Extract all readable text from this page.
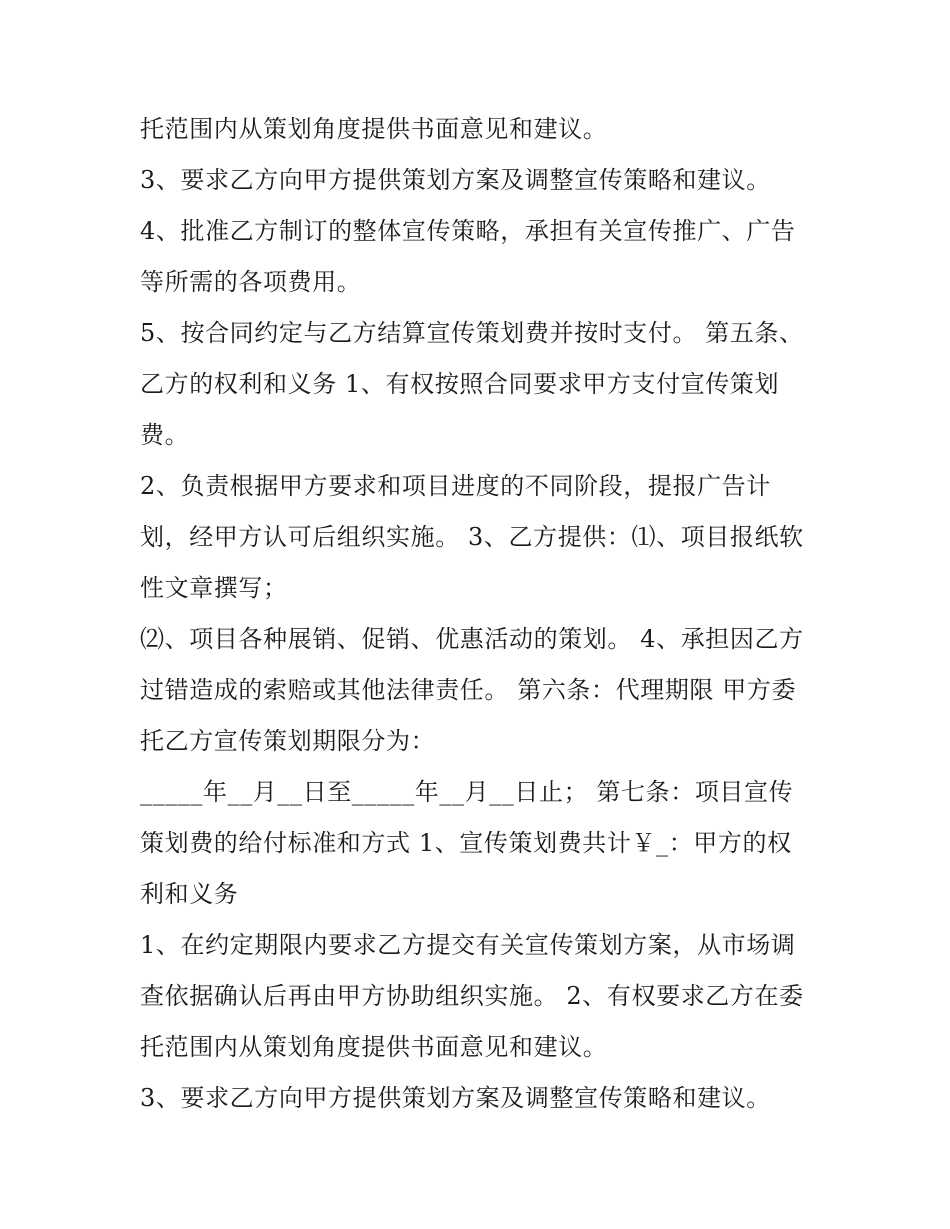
托范围内从策划角度提供书面意见和建议。
3、要求乙方向甲方提供策划方案及调整宣传策略和建议。
4、批准乙方制订的整体宣传策略，承担有关宣传推广、广告
等所需的各项费用。
5、按合同约定与乙方结算宣传策划费并按时支付。 第五条、
乙方的权利和义务 1、有权按照合同要求甲方支付宣传策划
费。
2、负责根据甲方要求和项目进度的不同阶段，提报广告计
划，经甲方认可后组织实施。 3、乙方提供：⑴、项目报纸软
性文章撰写；
⑵、项目各种展销、促销、优惠活动的策划。 4、承担因乙方
过错造成的索赔或其他法律责任。 第六条：代理期限 甲方委
托乙方宣传策划期限分为：
_____年__月__日至_____年__月__日止； 第七条：项目宣传
策划费的给付标准和方式 1、宣传策划费共计￥_：甲方的权
利和义务
1、在约定期限内要求乙方提交有关宣传策划方案，从市场调
查依据确认后再由甲方协助组织实施。 2、有权要求乙方在委
托范围内从策划角度提供书面意见和建议。
3、要求乙方向甲方提供策划方案及调整宣传策略和建议。
